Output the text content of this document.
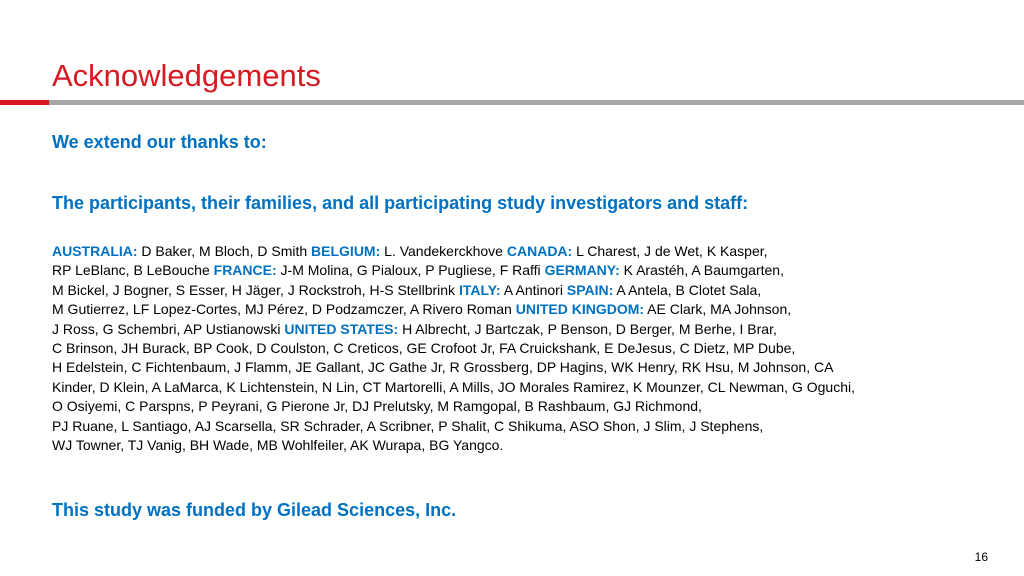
Acknowledgements
We extend our thanks to:
The participants, their families, and all participating study investigators and staff:
AUSTRALIA: D Baker, M Bloch, D Smith BELGIUM: L. Vandekerckhove CANADA: L Charest, J de Wet, K Kasper,
RP LeBlanc, B LeBouche FRANCE: J-M Molina, G Pialoux, P Pugliese, F Raffi GERMANY: K Arastéh, A Baumgarten,
M Bickel, J Bogner, S Esser, H Jäger, J Rockstroh, H-S Stellbrink ITALY: A Antinori SPAIN: A Antela, B Clotet Sala,
M Gutierrez, LF Lopez-Cortes, MJ Pérez, D Podzamczer, A Rivero Roman UNITED KINGDOM: AE Clark, MA Johnson,
J Ross, G Schembri, AP Ustianowski UNITED STATES: H Albrecht, J Bartczak, P Benson, D Berger, M Berhe, I Brar,
C Brinson, JH Burack, BP Cook, D Coulston, C Creticos, GE Crofoot Jr, FA Cruickshank, E DeJesus, C Dietz, MP Dube,
H Edelstein, C Fichtenbaum, J Flamm, JE Gallant, JC Gathe Jr, R Grossberg, DP Hagins, WK Henry, RK Hsu, M Johnson, CA
Kinder, D Klein, A LaMarca, K Lichtenstein, N Lin, CT Martorelli, A Mills, JO Morales Ramirez, K Mounzer, CL Newman, G Oguchi,
O Osiyemi, C Parspns, P Peyrani, G Pierone Jr, DJ Prelutsky, M Ramgopal, B Rashbaum, GJ Richmond,
PJ Ruane, L Santiago, AJ Scarsella, SR Schrader, A Scribner, P Shalit, C Shikuma, ASO Shon, J Slim, J Stephens,
WJ Towner, TJ Vanig, BH Wade, MB Wohlfeiler, AK Wurapa, BG Yangco.
This study was funded by Gilead Sciences, Inc.
16
